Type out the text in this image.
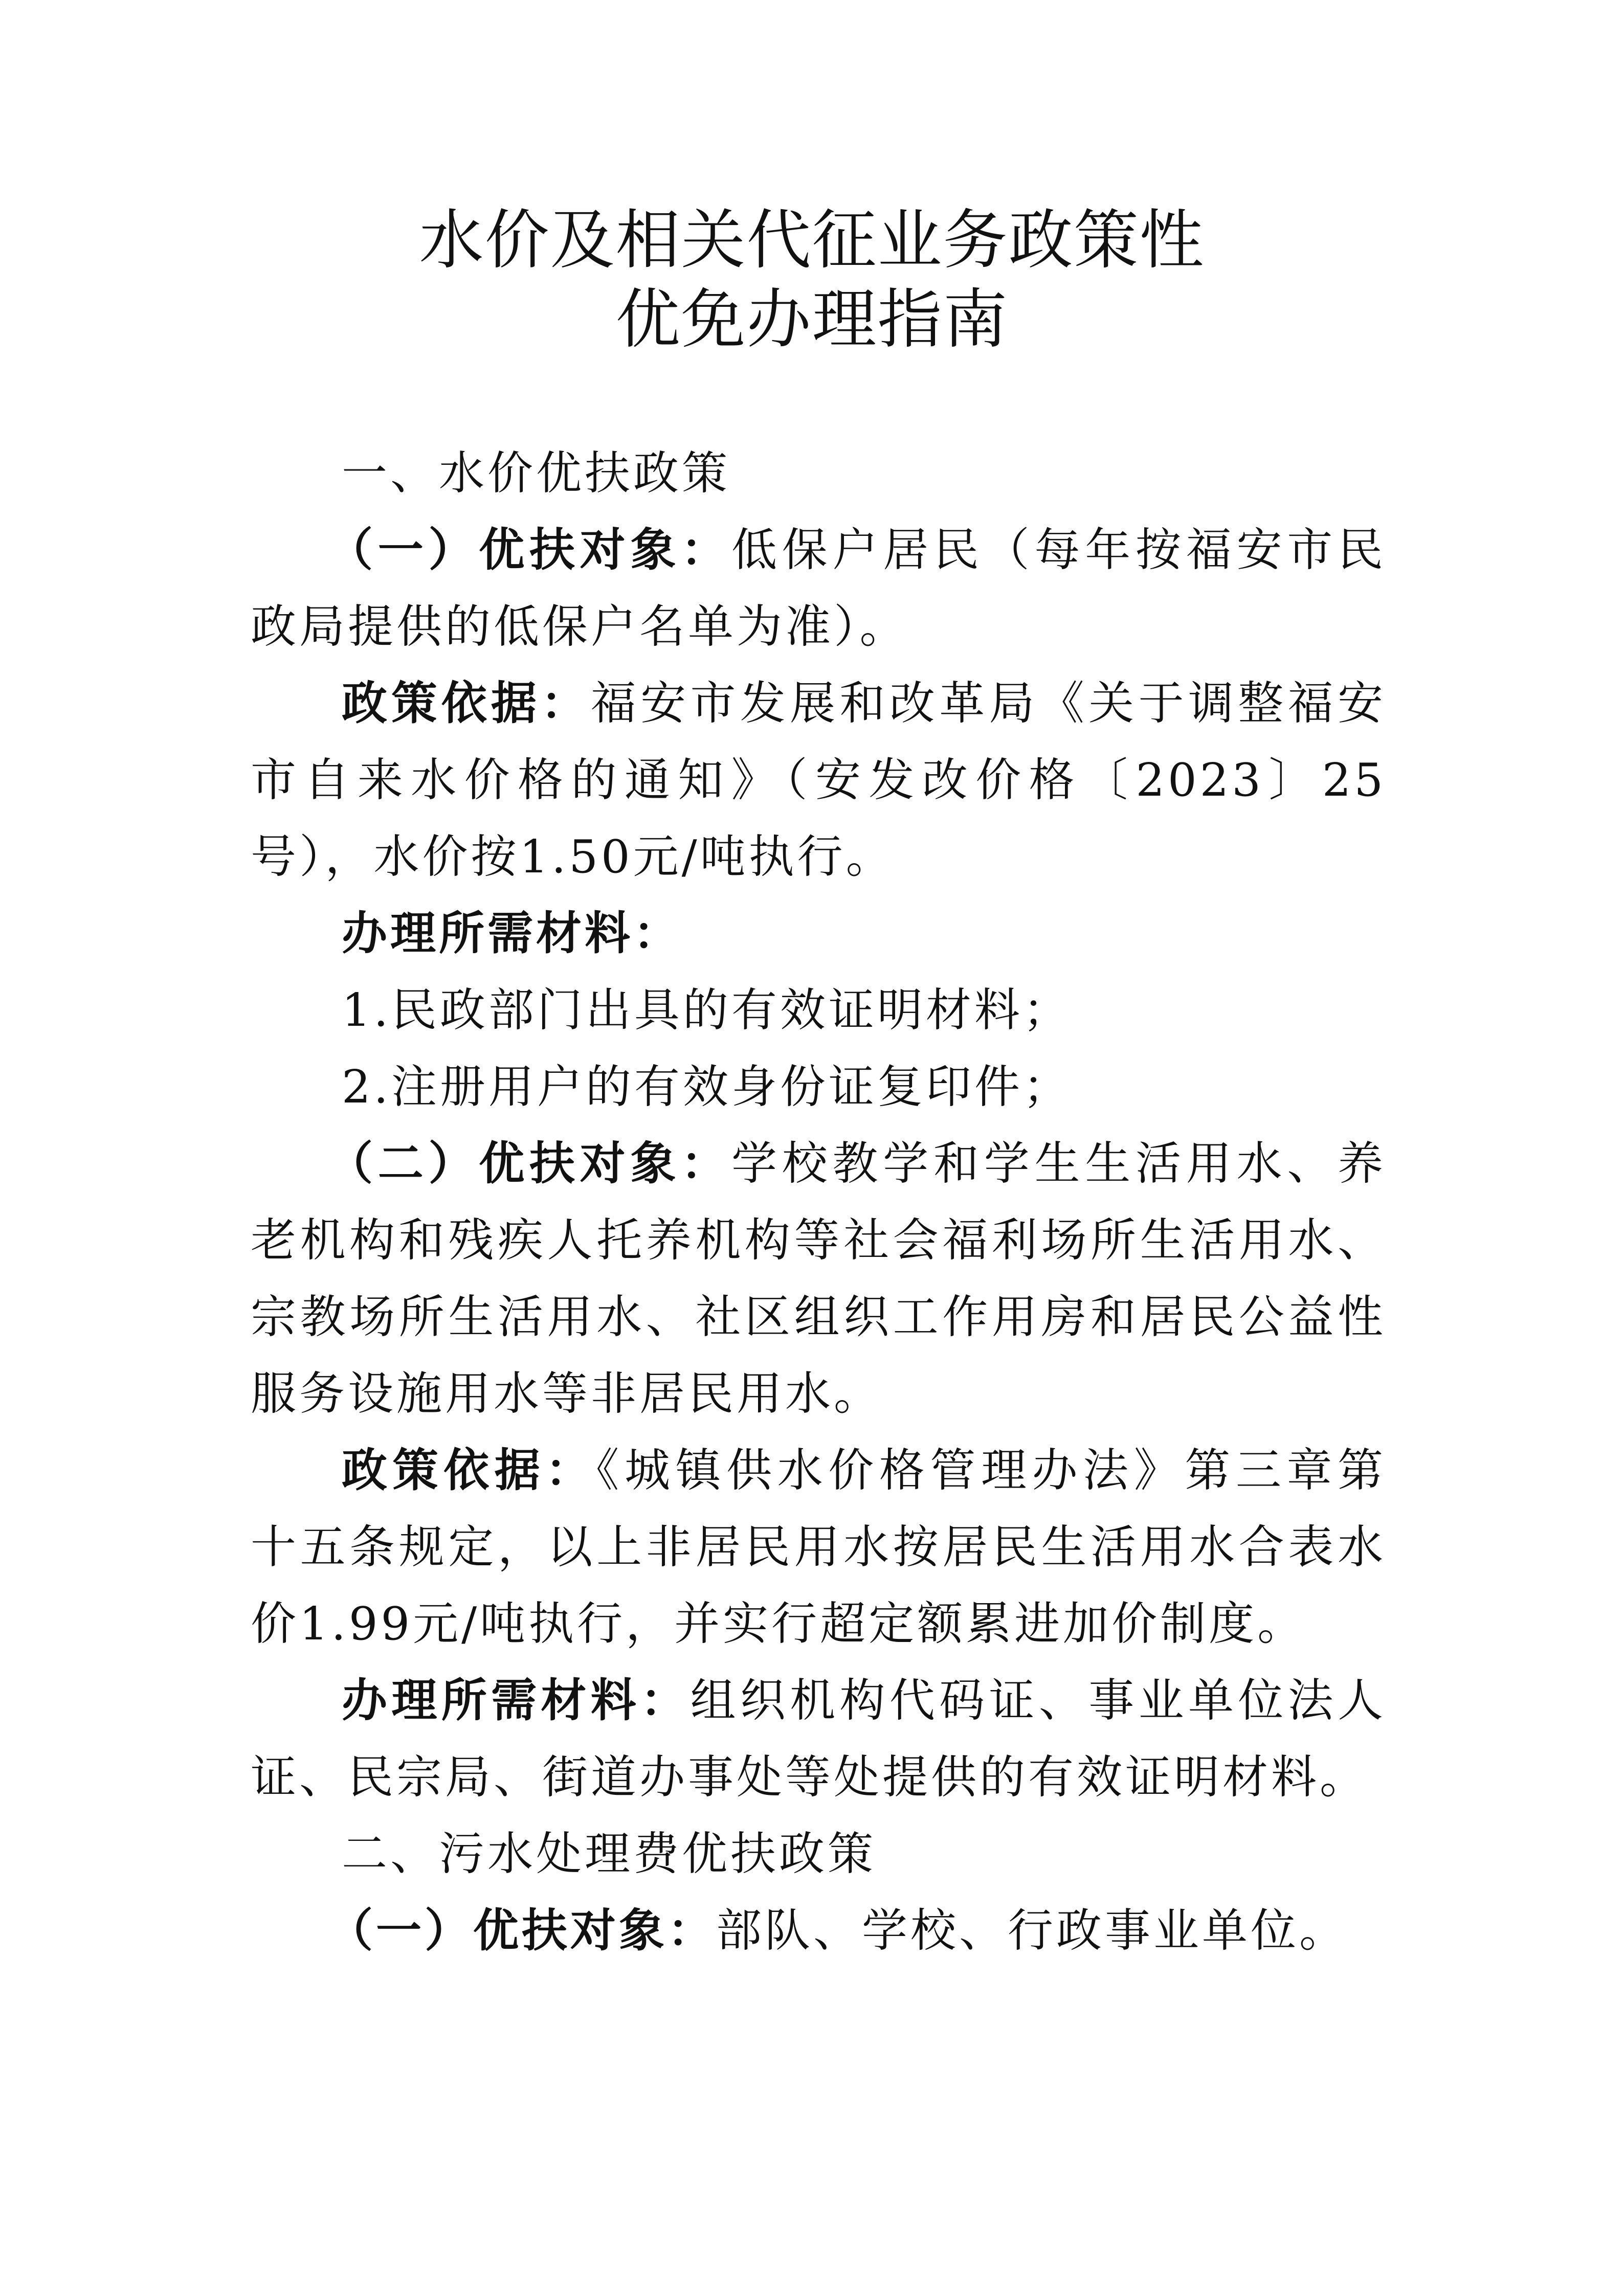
水价及相关代征业务政策性
优免办理指南

一、水价优扶政策

（一）优扶对象：低保户居民（每年按福安市民政局提供的低保户名单为准）。

政策依据：福安市发展和改革局《关于调整福安市自来水价格的通知》（安发改价格〔2023〕25号），水价按1.50元/吨执行。

办理所需材料：

1.民政部门出具的有效证明材料；

2.注册用户的有效身份证复印件；

（二）优扶对象：学校教学和学生生活用水、养老机构和残疾人托养机构等社会福利场所生活用水、宗教场所生活用水、社区组织工作用房和居民公益性服务设施用水等非居民用水。

政策依据：《城镇供水价格管理办法》第三章第十五条规定，以上非居民用水按居民生活用水合表水价1.99元/吨执行，并实行超定额累进加价制度。

办理所需材料：组织机构代码证、事业单位法人证、民宗局、街道办事处等处提供的有效证明材料。

二、污水处理费优扶政策

（一）优扶对象：部队、学校、行政事业单位。
